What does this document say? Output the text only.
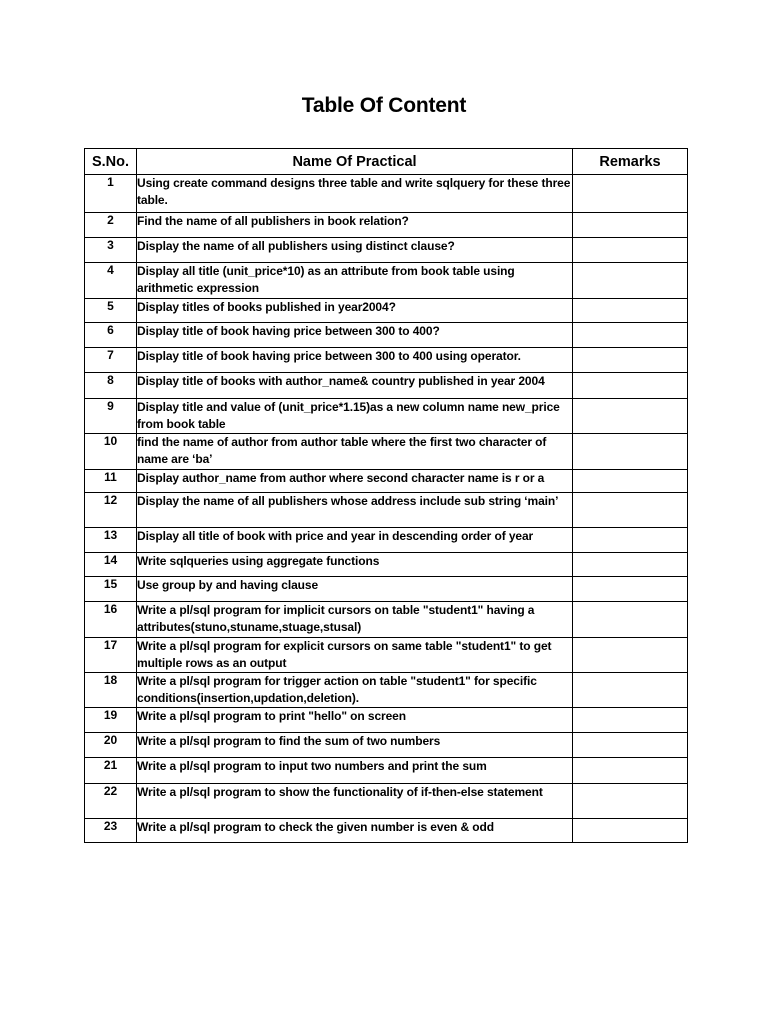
Table Of Content
S.No.	Name Of Practical	Remarks
1	Using create command designs three table and write sqlquery for these three table.	
2	Find the name of all publishers in book relation?	
3	Display the name of all publishers using distinct clause?	
4	Display all title (unit_price*10) as an attribute from book table using arithmetic expression	
5	Display titles of books published in year2004?	
6	Display title of book having price between 300 to 400?	
7	Display title of book having price between 300 to 400 using operator.	
8	Display title of books with author_name& country published in year 2004	
9	Display title and value of (unit_price*1.15)as a new column name new_price from book table	
10	find the name of author from author table where the first two character of name are ‘ba’	
11	Display author_name from author where second character name is r or a	
12	Display the name of all publishers whose address include sub string ‘main’	
13	Display all title of book with price and year in descending order of year	
14	Write sqlqueries using aggregate functions	
15	Use group by and having clause	
16	Write a pl/sql program for implicit cursors on table "student1" having a attributes(stuno,stuname,stuage,stusal)	
17	Write a pl/sql program for explicit cursors on same table "student1" to get multiple rows as an output	
18	Write a pl/sql program for trigger action on table "student1" for specific conditions(insertion,updation,deletion).	
19	Write a pl/sql program to print "hello" on screen	
20	Write a pl/sql program to find the sum of two numbers	
21	Write a pl/sql program to input two numbers and print the sum	
22	Write a pl/sql program to show the functionality of if-then-else statement	
23	Write a pl/sql program to check the given number is even & odd	
